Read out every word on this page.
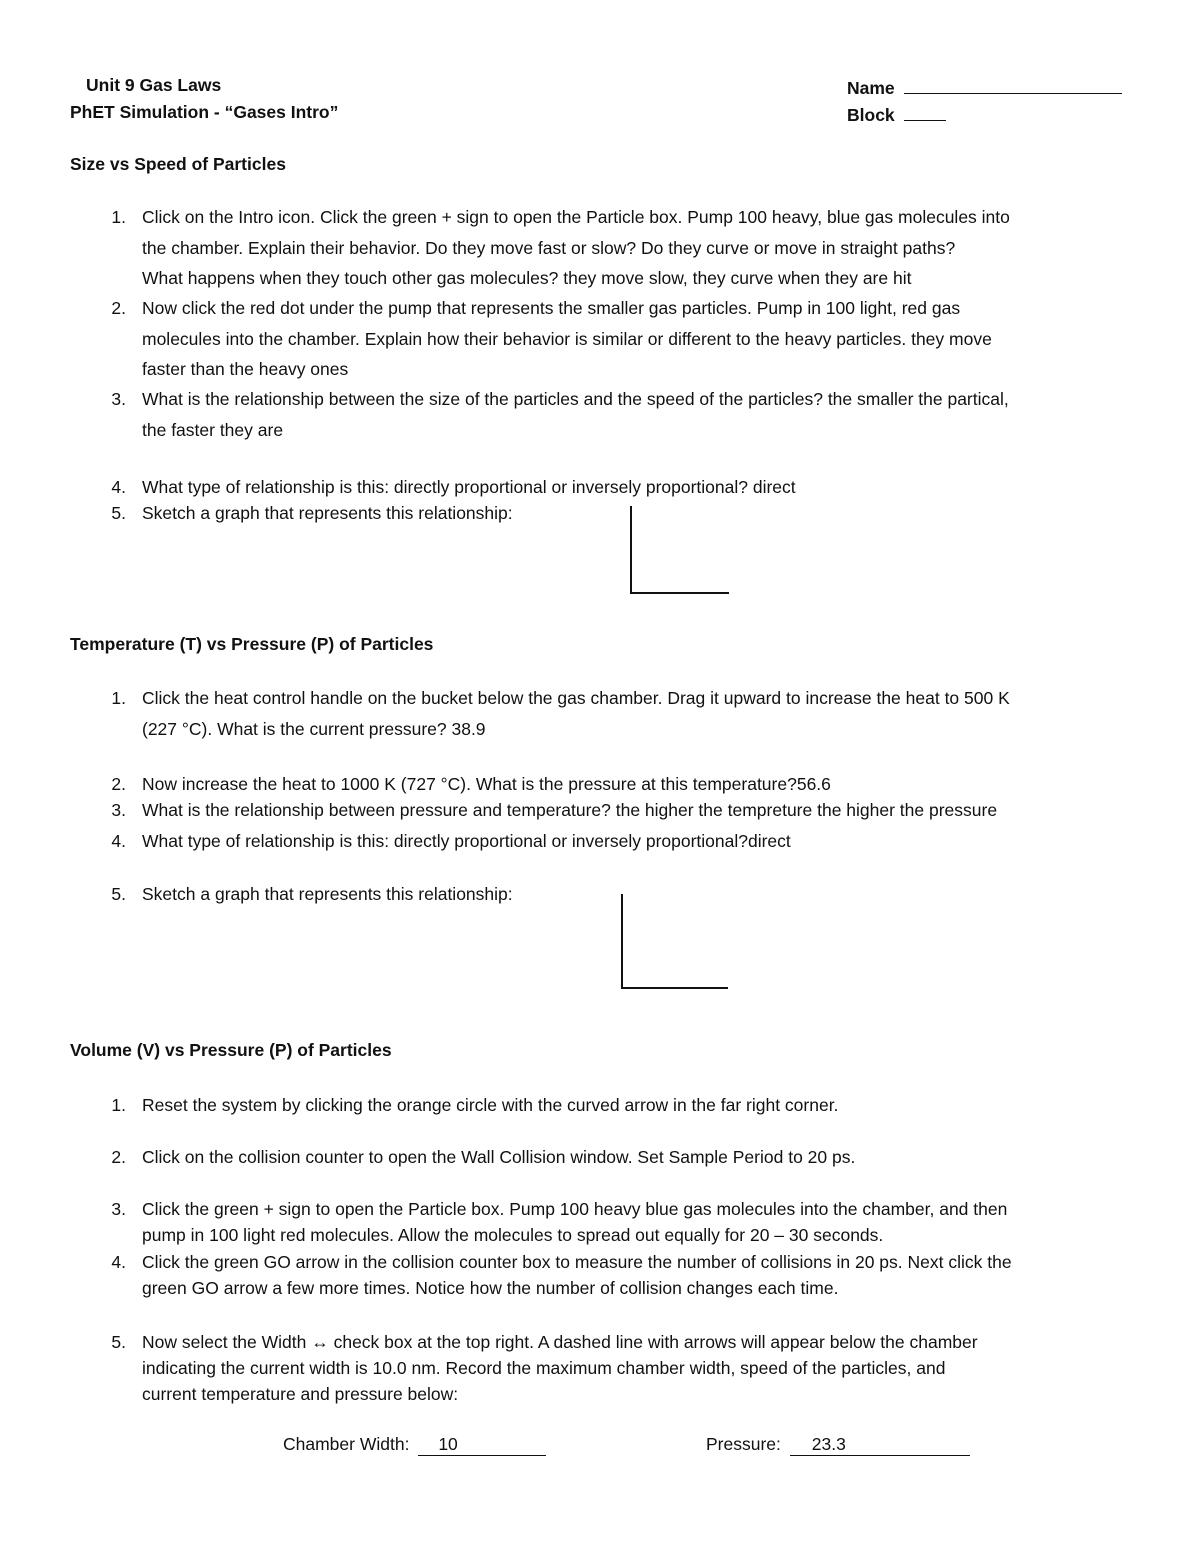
Unit 9 Gas Laws
PhET Simulation - “Gases Intro”
Name
Block
Size vs Speed of Particles
1. Click on the Intro icon. Click the green + sign to open the Particle box. Pump 100 heavy, blue gas molecules into
the chamber. Explain their behavior. Do they move fast or slow? Do they curve or move in straight paths?
What happens when they touch other gas molecules? they move slow, they curve when they are hit
2. Now click the red dot under the pump that represents the smaller gas particles. Pump in 100 light, red gas
molecules into the chamber. Explain how their behavior is similar or different to the heavy particles. they move
faster than the heavy ones
3. What is the relationship between the size of the particles and the speed of the particles? the smaller the partical,
the faster they are
4. What type of relationship is this: directly proportional or inversely proportional? direct
5. Sketch a graph that represents this relationship:
Temperature (T) vs Pressure (P) of Particles
1. Click the heat control handle on the bucket below the gas chamber. Drag it upward to increase the heat to 500 K
(227 °C). What is the current pressure? 38.9
2. Now increase the heat to 1000 K (727 °C). What is the pressure at this temperature?56.6
3. What is the relationship between pressure and temperature? the higher the tempreture the higher the pressure
4. What type of relationship is this: directly proportional or inversely proportional?direct
5. Sketch a graph that represents this relationship:
Volume (V) vs Pressure (P) of Particles
1. Reset the system by clicking the orange circle with the curved arrow in the far right corner.
2. Click on the collision counter to open the Wall Collision window. Set Sample Period to 20 ps.
3. Click the green + sign to open the Particle box. Pump 100 heavy blue gas molecules into the chamber, and then
pump in 100 light red molecules. Allow the molecules to spread out equally for 20 – 30 seconds.
4. Click the green GO arrow in the collision counter box to measure the number of collisions in 20 ps. Next click the
green GO arrow a few more times. Notice how the number of collision changes each time.
5. Now select the Width ↔ check box at the top right. A dashed line with arrows will appear below the chamber
indicating the current width is 10.0 nm. Record the maximum chamber width, speed of the particles, and
current temperature and pressure below:
Chamber Width: 10	Pressure: 23.3
